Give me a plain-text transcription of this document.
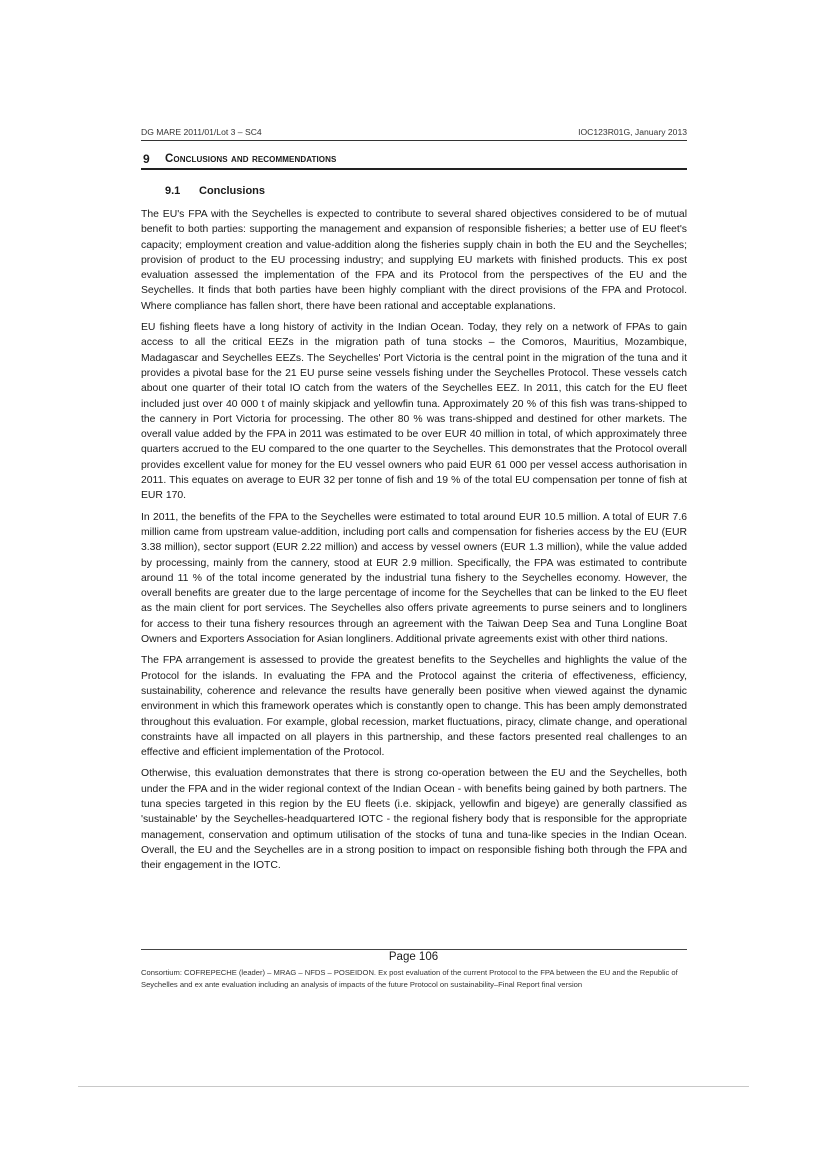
DG MARE 2011/01/Lot 3 – SC4	IOC123R01G, January 2013
9 Conclusions and recommendations
9.1 Conclusions

The EU's FPA with the Seychelles is expected to contribute to several shared objectives considered to be of mutual benefit to both parties: supporting the management and expansion of responsible fisheries; a better use of EU fleet's capacity; employment creation and value-addition along the fisheries supply chain in both the EU and the Seychelles; provision of product to the EU processing industry; and supplying EU markets with finished products. This ex post evaluation assessed the implementation of the FPA and its Protocol from the perspectives of the EU and the Seychelles. It finds that both parties have been highly compliant with the direct provisions of the FPA and Protocol. Where compliance has fallen short, there have been rational and acceptable explanations.

EU fishing fleets have a long history of activity in the Indian Ocean. Today, they rely on a network of FPAs to gain access to all the critical EEZs in the migration path of tuna stocks – the Comoros, Mauritius, Mozambique, Madagascar and Seychelles EEZs. The Seychelles' Port Victoria is the central point in the migration of the tuna and it provides a pivotal base for the 21 EU purse seine vessels fishing under the Seychelles Protocol. These vessels catch about one quarter of their total IO catch from the waters of the Seychelles EEZ. In 2011, this catch for the EU fleet included just over 40 000 t of mainly skipjack and yellowfin tuna. Approximately 20 % of this fish was trans-shipped to the cannery in Port Victoria for processing. The other 80 % was trans-shipped and destined for other markets. The overall value added by the FPA in 2011 was estimated to be over EUR 40 million in total, of which approximately three quarters accrued to the EU compared to the one quarter to the Seychelles. This demonstrates that the Protocol overall provides excellent value for money for the EU vessel owners who paid EUR 61 000 per vessel access authorisation in 2011. This equates on average to EUR 32 per tonne of fish and 19 % of the total EU compensation per tonne of fish at EUR 170.

In 2011, the benefits of the FPA to the Seychelles were estimated to total around EUR 10.5 million. A total of EUR 7.6 million came from upstream value-addition, including port calls and compensation for fisheries access by the EU (EUR 3.38 million), sector support (EUR 2.22 million) and access by vessel owners (EUR 1.3 million), while the value added by processing, mainly from the cannery, stood at EUR 2.9 million. Specifically, the FPA was estimated to contribute around 11 % of the total income generated by the industrial tuna fishery to the Seychelles economy. However, the overall benefits are greater due to the large percentage of income for the Seychelles that can be linked to the EU fleet as the main client for port services. The Seychelles also offers private agreements to purse seiners and to longliners for access to their tuna fishery resources through an agreement with the Taiwan Deep Sea and Tuna Longline Boat Owners and Exporters Association for Asian longliners. Additional private agreements exist with other third nations.

The FPA arrangement is assessed to provide the greatest benefits to the Seychelles and highlights the value of the Protocol for the islands. In evaluating the FPA and the Protocol against the criteria of effectiveness, efficiency, sustainability, coherence and relevance the results have generally been positive when viewed against the dynamic environment in which this framework operates which is constantly open to change. This has been amply demonstrated throughout this evaluation. For example, global recession, market fluctuations, piracy, climate change, and operational constraints have all impacted on all players in this partnership, and these factors presented real challenges to an effective and efficient implementation of the Protocol.

Otherwise, this evaluation demonstrates that there is strong co-operation between the EU and the Seychelles, both under the FPA and in the wider regional context of the Indian Ocean - with benefits being gained by both partners. The tuna species targeted in this region by the EU fleets (i.e. skipjack, yellowfin and bigeye) are generally classified as 'sustainable' by the Seychelles-headquartered IOTC - the regional fishery body that is responsible for the appropriate management, conservation and optimum utilisation of the stocks of tuna and tuna-like species in the Indian Ocean. Overall, the EU and the Seychelles are in a strong position to impact on responsible fishing both through the FPA and their engagement in the IOTC.

Page 106
Consortium: COFREPECHE (leader) – MRAG – NFDS – POSEIDON. Ex post evaluation of the current Protocol to the FPA between the EU and the Republic of Seychelles and ex ante evaluation including an analysis of impacts of the future Protocol on sustainability–Final Report final version
